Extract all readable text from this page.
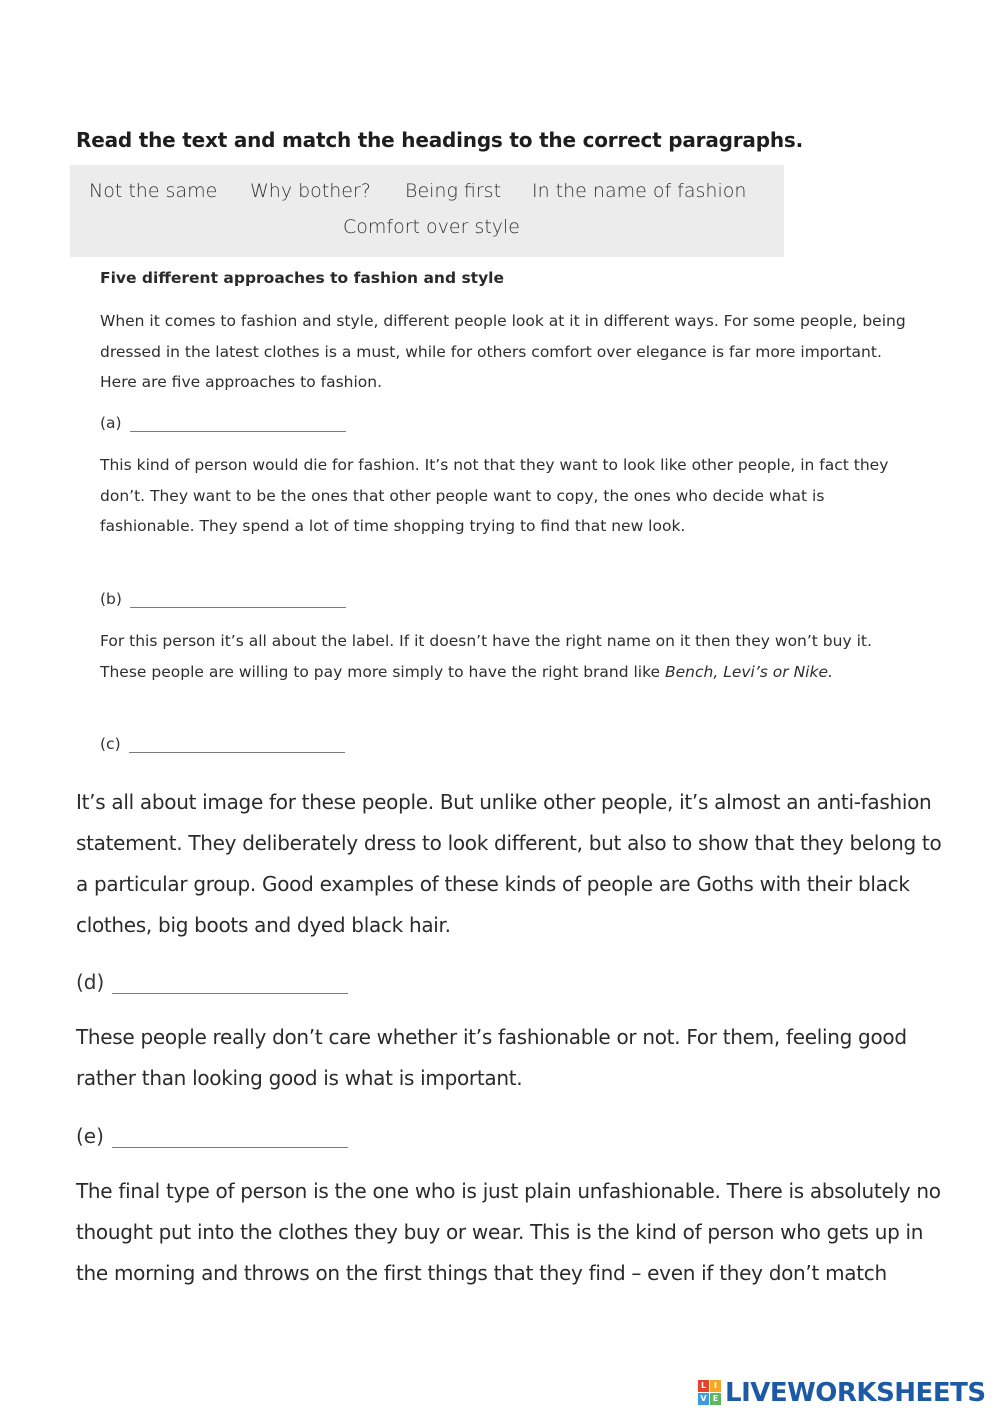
Read the text and match the headings to the correct paragraphs.
Not the same Why bother? Being first In the name of fashion
Comfort over style
Five different approaches to fashion and style

When it comes to fashion and style, different people look at it in different ways. For some people, being dressed in the latest clothes is a must, while for others comfort over elegance is far more important. Here are five approaches to fashion.

(a)

This kind of person would die for fashion. It’s not that they want to look like other people, in fact they don’t. They want to be the ones that other people want to copy, the ones who decide what is fashionable. They spend a lot of time shopping trying to find that new look.

(b)

For this person it’s all about the label. If it doesn’t have the right name on it then they won’t buy it. These people are willing to pay more simply to have the right brand like Bench, Levi’s or Nike.

(c)

It’s all about image for these people. But unlike other people, it’s almost an anti-fashion statement. They deliberately dress to look different, but also to show that they belong to a particular group. Good examples of these kinds of people are Goths with their black clothes, big boots and dyed black hair.

(d)

These people really don’t care whether it’s fashionable or not. For them, feeling good rather than looking good is what is important.

(e)

The final type of person is the one who is just plain unfashionable. There is absolutely no thought put into the clothes they buy or wear. This is the kind of person who gets up in the morning and throws on the first things that they find – even if they don’t match

L I
V E LIVEWORKSHEETS
